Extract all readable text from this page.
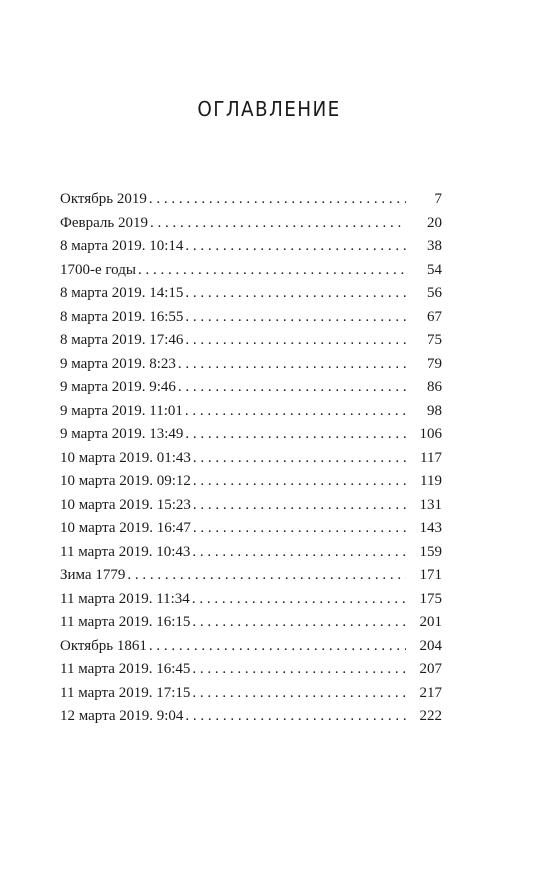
ОГЛАВЛЕНИЕ
Октябрь 2019 . . .	7
Февраль 2019 . . .	20
8 марта 2019. 10:14 . . .	38
1700-е годы . . .	54
8 марта 2019. 14:15 . . .	56
8 марта 2019. 16:55 . . .	67
8 марта 2019. 17:46 . . .	75
9 марта 2019. 8:23 . . .	79
9 марта 2019. 9:46 . . .	86
9 марта 2019. 11:01 . . .	98
9 марта 2019. 13:49 . . .	106
10 марта 2019. 01:43 . . .	117
10 марта 2019. 09:12 . . .	119
10 марта 2019. 15:23 . . .	131
10 марта 2019. 16:47 . . .	143
11 марта 2019. 10:43 . . .	159
Зима 1779 . . .	171
11 марта 2019. 11:34 . . .	175
11 марта 2019. 16:15 . . .	201
Октябрь 1861 . . .	204
11 марта 2019. 16:45 . . .	207
11 марта 2019. 17:15 . . .	217
12 марта 2019. 9:04 . . .	222
